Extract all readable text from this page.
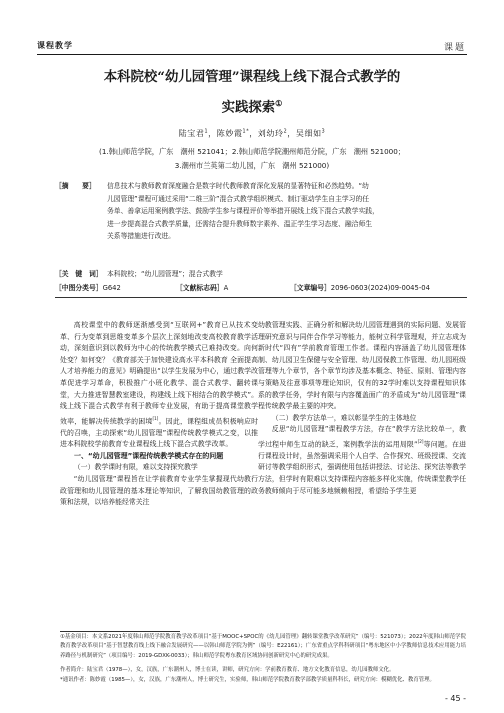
课程教学	课题
本科院校“幼儿园管理”课程线上线下混合式教学的
实践探索①
陆宝君$^1$，陈妙霞$^{1*}$，刘幼玲$^2$，吴细如$^3$
(1.韩山师范学院，广东　潮州 521041；2.韩山师范学院潮州师范分院，广东　潮州 521000；
3.潮州市兰英第二幼儿园，广东　潮州 521000)
［摘　　要］ 信息技术与教师教育深度融合是数字时代教师教育深化发展的显著特征和必然趋势。“幼
儿园管理”课程可通过采用“二维三阶”混合式教学组织模式、制订驱动学生自主学习的任
务单、善拿运用案例教学法、鼓励学生参与课程评价等举措开展线上线下混合式教学实践，
进一步提高混合式教学质量，还需结合提升教师数字素养、温正学生学习态度、融洽师生
关系等措施进行改进。
［关　键　词］ 本科院校；“幼儿园管理”；混合式教学
［中图分类号］G642	［文献标志码］A	［文章编号］2096-0603(2024)09-0045-04

高校课堂中的教师逐渐感受到“互联网+”教育已从技术变革、行为变革到思维变革多个层次上深刻地改变高校教育教学活动，深刻意识到以教师为中心的传统教学模式已难持改变。向何处变？如何变？《教育部关于加快建设高水平本科教育 全面提高人才培养能力的意见》明确提出“以学生发展为中心，通过教学改革促进学习革命，积极推广小班化教学、混合式教学、翻转课堂，大力推进智慧教室建设，构建线上线下相结合的教学模式”。线上线下混合式教学有利于教师专业发展，有助于提高课堂教学效率，能解决传统教学的困境[1]。因此，课程组成员积极响应时代的召唤，主动探索“幼儿园管理”课程传统教学模式之变，以推进本科院校学前教育专业课程线上线下混合式教学改革。

一、“幼儿园管理”课程传统教学模式存在的问题
（一）教学课时有限，难以支持探究教学

“幼儿园管理”课程旨在让学前教育专业学生掌握现代幼教行政管理和幼儿园管理的基本理论等知识，了解我国幼教管理的政策和法规，以培养能经常关注

幼教管理实践、正确分析和解决幼儿园管理遇到的实际问题、发展管理研究意识与同伴合作学习等能力，能树立科学管理观，并立志成为新时代“四有”学前教育管理工作者。课程内容涵盖了幼儿园管理体制、幼儿园卫生保健与安全管理、幼儿园保教工作管理、幼儿园班级管理等九个章节，各个章节均涉及基本概念、特征、原则、管理内容与策略及往意事项等理论知识，仅有的32学时难以支持课程知识体系的教学任务，学时有限与内容覆盖面广的矛盾成为“幼儿园管理”课程传统教学最主要的冲突。

（二）教学方法单一，难以彰显学生的主体地位

反思“幼儿园管理”课程教学方法，存在“教学方法比较单一，教学过程中师生互动的缺乏，案例教学法的运用局限”[2]等问题。在进行课程设计时，虽然强调采用个人自学、合作探究、班级授课、交流研讨等教学组织形式，强调使用包括讲授法、讨论法、探究法等教学方法，但学时有限难以支持课程内容能多样化实施，传统课堂教学任务教师倾向于尽可能多地频赖相授，希望给予学生更

①基金项目：本文系2021年度韩山师范学院教育教学改革项目“基于MOOC+SPOC的《幼儿园管理》翻转课堂教学改革研究”（编号：521073）；2022年度韩山师范学院教育教学改革项目“基于智慧教育线上线下融合发展研究——以韩山师范学院为例”（编号：E22161）；广东省重点学科科研项目“粤东地区中小学教师信息技术应用能力培养路径与机制研究”（项目编号：2019-GDXK-0033）；韩山师范学院粤东教育区域协同创新研究中心的研究成果。
作者简介：陆宝君（1978—），女，汉族，广东潮州人，博士在读，讲师，研究方向：学前教育教育、地方文化教育信息，幼儿园教师文化。
*通讯作者：陈妙霞（1985—），女，汉族，广东潮州人，博士研究生，实验师，韩山师范学院教育教学部教学质量科科长，研究方向：模糊优化、教育管理。
- 45 -
